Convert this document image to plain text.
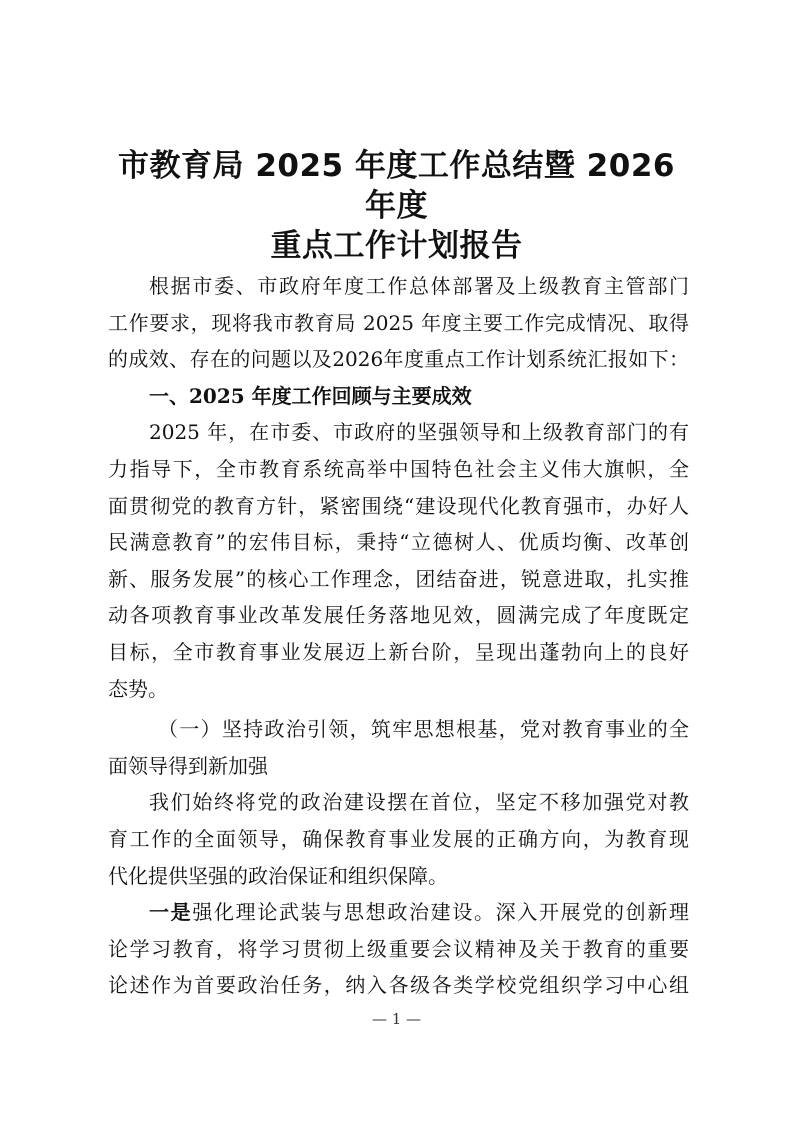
市教育局 2025 年度工作总结暨 2026 年度
重点工作计划报告
根据市委、市政府年度工作总体部署及上级教育主管部门
工作要求，现将我市教育局 2025 年度主要工作完成情况、取得
的成效、存在的问题以及2026年度重点工作计划系统汇报如下：
一、2025 年度工作回顾与主要成效
2025 年，在市委、市政府的坚强领导和上级教育部门的有
力指导下，全市教育系统高举中国特色社会主义伟大旗帜，全
面贯彻党的教育方针，紧密围绕“建设现代化教育强市，办好人
民满意教育”的宏伟目标，秉持“立德树人、优质均衡、改革创
新、服务发展”的核心工作理念，团结奋进，锐意进取，扎实推
动各项教育事业改革发展任务落地见效，圆满完成了年度既定
目标，全市教育事业发展迈上新台阶，呈现出蓬勃向上的良好
态势。
（一）坚持政治引领，筑牢思想根基，党对教育事业的全
面领导得到新加强
我们始终将党的政治建设摆在首位，坚定不移加强党对教
育工作的全面领导，确保教育事业发展的正确方向，为教育现
代化提供坚强的政治保证和组织保障。
一是强化理论武装与思想政治建设。深入开展党的创新理
论学习教育，将学习贯彻上级重要会议精神及关于教育的重要
论述作为首要政治任务，纳入各级各类学校党组织学习中心组
— 1 —
